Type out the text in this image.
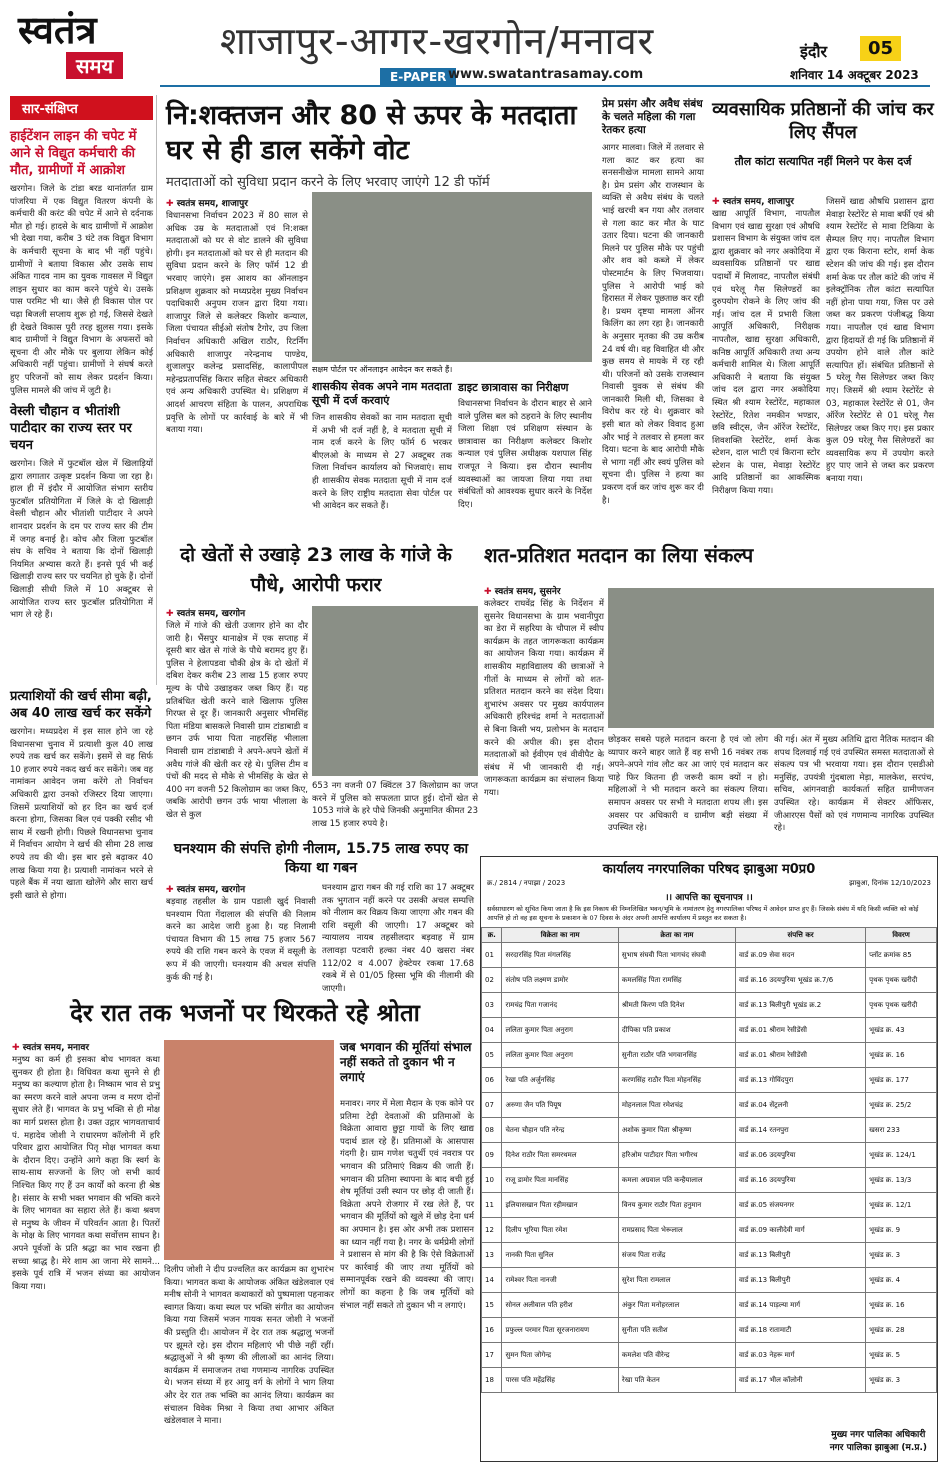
स्वतंत्र
समय
शाजापुर-आगर-खरगोन/मनावर
E-PAPER www.swatantrasamay.com
इंदौर	05
शनिवार 14 अक्टूबर 2023
सार-संक्षिप्त
हाईटेंशन लाइन की चपेट में आने से विद्युत कर्मचारी की मौत, ग्रामीणों में आक्रोश
खरगोन। जिले के टांडा बरड थानांतर्गत ग्राम पांजरिया में एक विद्युत वितरण कंपनी के कर्मचारी की करंट की चपेट में आने से दर्दनाक मौत हो गई। हादसे के बाद ग्रामीणों में आक्रोश भी देखा गया, करीब 3 घंटे तक विद्युत विभाग के कर्मचारी सूचना के बाद भी नहीं पहुंचे। ग्रामीणों ने बताया विकास और उसके साथ अंकित गादव नाम का युवक गावसल में विद्युत लाइन सुधार का काम करने पहुंचे थे। उसके पास परमिट भी था। जैसे ही विकास पोल पर चढ़ा बिजली सप्लाय शुरू हो गई, जिससे देखते ही देखते विकास पूरी तरह झुलस गया। इसके बाद ग्रामीणों ने विद्युत विभाग के अफसरों को सूचना दी और मौके पर बुलाया लेकिन कोई अधिकारी नहीं पहुंचा। ग्रामीणों ने संघर्ष करते हुए परिजनों को साथ लेकर प्रदर्शन किया। पुलिस मामले की जांच में जुटी है।
वेस्ली चौहान व भीतांशी पाटीदार का राज्य स्तर पर चयन
खरगोन। जिले में फुटबॉल खेल में खिलाड़ियों द्वारा लगातार उत्कृष्ट प्रदर्शन किया जा रहा है। हाल ही में इंदौर में आयोजित संभाग स्तरीय फुटबॉल प्रतियोगिता में जिले के दो खिलाड़ी वेस्ली चौहान और भीतांशी पाटीदार ने अपने शानदार प्रदर्शन के दम पर राज्य स्तर की टीम में जगह बनाई है। कोच और जिला फुटबॉल संघ के सचिव ने बताया कि दोनों खिलाड़ी नियमित अभ्यास करते हैं। इनसे पूर्व भी कई खिलाड़ी राज्य स्तर पर चयनित हो चुके हैं। दोनों खिलाड़ी सीधी जिले में 10 अक्टूबर से आयोजित राज्य स्तर फुटबॉल प्रतियोगिता में भाग ले रहे हैं।
प्रत्याशियों की खर्च सीमा बढ़ी, अब 40 लाख खर्च कर सकेंगे
खरगोन। मध्यप्रदेश में इस साल होने जा रहे विधानसभा चुनाव में प्रत्याशी कुल 40 लाख रुपये तक खर्च कर सकेंगे। इसमें से वह सिर्फ 10 हजार रुपये नकद खर्च कर सकेंगे। जब वह नामांकन आवेदन जमा करेंगे तो निर्वाचन अधिकारी द्वारा उनको रजिस्टर दिया जाएगा। जिसमें प्रत्याशियों को हर दिन का खर्च दर्ज करना होगा, जिसका बिल एवं पक्की रसीद भी साथ में रखनी होगी। पिछले विधानसभा चुनाव में निर्वाचन आयोग ने खर्च की सीमा 28 लाख रुपये तय की थी। इस बार इसे बढ़ाकर 40 लाख किया गया है। प्रत्याशी नामांकन भरने से पहले बैंक में नया खाता खोलेंगे और सारा खर्च इसी खाते से होगा।
नि:शक्तजन और 80 से ऊपर के मतदाता घर से ही डाल सकेंगे वोट
मतदाताओं को सुविधा प्रदान करने के लिए भरवाए जाएंगे 12 डी फॉर्म
✚ स्वतंत्र समय, शाजापुर
सक्षम पोर्टल पर ऑनलाइन आवेदन कर सकते हैं।
विधानसभा निर्वाचन 2023 में 80 साल से अधिक उम्र के मतदाताओं एवं नि:शक्त मतदाताओं को घर से वोट डालने की सुविधा होगी। इन मतदाताओं को घर से ही मतदान की सुविधा प्रदान करने के लिए फॉर्म 12 डी भरवाए जाएंगे। इस आशय का ऑनलाइन प्रशिक्षण शुक्रवार को मध्यप्रदेश मुख्य निर्वाचन पदाधिकारी अनुपम राजन द्वारा दिया गया। शाजापुर जिले से कलेक्टर किशोर कन्याल, जिला पंचायत सीईओ संतोष टैगोर, उप जिला निर्वाचन अधिकारी अखिल राठौर, रिटर्निंग अधिकारी शाजापुर नरेन्द्रनाथ पाण्डेय, शुजालपुर कलेन्द्र प्रसादसिंह, कालापीपल महेन्द्रप्रतापसिंह किरार सहित सेक्टर अधिकारी एवं अन्य अधिकारी उपस्थित थे। प्रशिक्षण में आदर्श आचरण संहिता के पालन, अपराधिक प्रवृत्ति के लोगों पर कार्रवाई के बारे में भी बताया गया।
शासकीय सेवक अपने नाम मतदाता सूची में दर्ज करवाएं
जिन शासकीय सेवकों का नाम मतदाता सूची में अभी भी दर्ज नहीं है, वे मतदाता सूची में नाम दर्ज करने के लिए फॉर्म 6 भरकर बीएलओ के माध्यम से 27 अक्टूबर तक जिला निर्वाचन कार्यालय को भिजवाएं। साथ ही शासकीय सेवक मतदाता सूची में नाम दर्ज करने के लिए राष्ट्रीय मतदाता सेवा पोर्टल पर भी आवेदन कर सकते हैं।
डाइट छात्रावास का निरीक्षण
विधानसभा निर्वाचन के दौरान बाहर से आने वाले पुलिस बल को ठहराने के लिए स्थानीय जिला शिक्षा एवं प्रशिक्षण संस्थान के छात्रावास का निरीक्षण कलेक्टर किशोर कन्याल एवं पुलिस अधीक्षक यशपाल सिंह राजपूत ने किया। इस दौरान स्थानीय व्यवस्थाओं का जायजा लिया गया तथा संबंधितों को आवश्यक सुधार करने के निर्देश दिए।
प्रेम प्रसंग और अवैध संबंध के चलते महिला की गला रेतकर हत्या
आगर मालवा। जिले में तलवार से गला काट कर हत्या का सनसनीखेज मामला सामने आया है। प्रेम प्रसंग और राजस्थान के व्यक्ति से अवैध संबंध के चलते भाई खरची बन गया और तलवार से गला काट कर मौत के घाट उतार दिया। घटना की जानकारी मिलने पर पुलिस मौके पर पहुंची और शव को कब्जे में लेकर पोस्टमार्टम के लिए भिजवाया। पुलिस ने आरोपी भाई को हिरासत में लेकर पूछताछ कर रही है। प्रथम दृष्टया मामला ऑनर किलिंग का लग रहा है। जानकारी के अनुसार मृतका की उम्र करीब 24 वर्ष थी। वह विवाहित थी और कुछ समय से मायके में रह रही थी। परिजनों को उसके राजस्थान निवासी युवक से संबंध की जानकारी मिली थी, जिसका वे विरोध कर रहे थे। शुक्रवार को इसी बात को लेकर विवाद हुआ और भाई ने तलवार से हमला कर दिया। घटना के बाद आरोपी मौके से भागा नहीं और स्वयं पुलिस को सूचना दी। पुलिस ने हत्या का प्रकरण दर्ज कर जांच शुरू कर दी है।
व्यवसायिक प्रतिष्ठानों की जांच कर लिए सैंपल
तौल कांटा सत्यापित नहीं मिलने पर केस दर्ज
✚ स्वतंत्र समय, शाजापुर
खाद्य आपूर्ति विभाग, नापतौल विभाग एवं खाद्य सुरक्षा एवं औषधि प्रशासन विभाग के संयुक्त जांच दल द्वारा शुक्रवार को नगर अकोदिया में व्यवसायिक प्रतिष्ठानों पर खाद्य पदार्थों में मिलावट, नापतौल संबंधी एवं घरेलू गैस सिलेण्डरों का दुरुपयोग रोकने के लिए जांच की गई। जांच दल में प्रभारी जिला आपूर्ति अधिकारी, निरीक्षक नापतौल, खाद्य सुरक्षा अधिकारी, कनिष्ठ आपूर्ति अधिकारी तथा अन्य कर्मचारी शामिल थे। जिला आपूर्ति अधिकारी ने बताया कि संयुक्त जांच दल द्वारा नगर अकोदिया स्थित श्री श्याम रेस्टोरेंट, महाकाल रेस्टोरेंट, रितेश नमकीन भण्डार, छवि स्वीट्स, जैन ऑरेंज रेस्टोरेंट, शिवशक्ति रेस्टोरेंट, शर्मा केक स्टेशन, दाल भाटी एवं किराना स्टोर स्टेशन के पास, मेवाड़ा रेस्टोरेंट आदि प्रतिष्ठानों का आकस्मिक निरीक्षण किया गया।
जिसमें खाद्य औषधि प्रशासन द्वारा मेवाड़ा रेस्टोरेंट से मावा बर्फी एवं श्री श्याम रेस्टोरेंट से मावा टिकिया के सैम्पल लिए गए। नापतौल विभाग द्वारा एक किराना स्टोर, शर्मा केक स्टेशन की जांच की गई। इस दौरान शर्मा केक पर तौल कांटे की जांच में इलेक्ट्रॉनिक तौल कांटा सत्यापित नहीं होना पाया गया, जिस पर उसे जब्त कर प्रकरण पंजीबद्ध किया गया। नापतौल एवं खाद्य विभाग द्वारा हिदायतें दी गई कि प्रतिष्ठानों में उपयोग होने वाले तौल कांटे सत्यापित हों। संबंधित प्रतिष्ठानों से 5 घरेलू गैस सिलेण्डर जब्त किए गए। जिसमें श्री श्याम रेस्टोरेंट से 03, महाकाल रेस्टोरेंट से 01, जैन ऑरेंज रेस्टोरेंट से 01 घरेलू गैस सिलेण्डर जब्त किए गए। इस प्रकार कुल 09 घरेलू गैस सिलेण्डरों का व्यवसायिक रूप में उपयोग करते हुए पाए जाने से जब्त कर प्रकरण बनाया गया।
दो खेतों से उखाड़े 23 लाख के गांजे के पौधे, आरोपी फरार
✚ स्वतंत्र समय, खरगोन
जिले में गांजे की खेती उजागर होने का दौर जारी है। भैंसपुर थानाक्षेत्र में एक सप्ताह में दूसरी बार खेत से गांजे के पौधे बरामद हुए हैं। पुलिस ने हेलापडवा चौकी क्षेत्र के दो खेतों में दबिश देकर करीब 23 लाख 15 हजार रुपए मूल्य के पौधे उखाड़कर जब्त किए हैं। यह प्रतिबंधित खेती करने वाले खिलाफ पुलिस गिरफ्त से दूर हैं। जानकारी अनुसार भीमसिंह पिता मंडिया बासकले निवासी ग्राम टांडाबाडी व छगन उर्फ भाया पिता नाहरसिंह भीलाला निवासी ग्राम टांडाबाडी ने अपने-अपने खेतों में अवैध गांजे की खेती कर रहे थे। पुलिस टीम व पंचों की मदद से मौके से भीमसिंह के खेत से 400 नग वजनी 52 किलोग्राम का जब्त किए, जबकि आरोपी छगन उर्फ भाया भीलाला के खेत से कुल
653 नग वजनी 07 क्विंटल 37 किलोग्राम का जप्त करने में पुलिस को सफलता प्राप्त हुई। दोनों खेत से 1053 गांजे के हरे पौधे जिनकी अनुमानित कीमत 23 लाख 15 हजार रुपये है।
घनश्याम की संपत्ति होगी नीलाम, 15.75 लाख रुपए का किया था गबन
✚ स्वतंत्र समय, खरगोन
बड़वाह तहसील के ग्राम पडाली खुर्द निवासी घनश्याम पिता गेंदालाल की संपत्ति की निलाम करने का आदेश जारी हुआ है। यह निलामी पंचायत विभाग की 15 लाख 75 हजार 567 रुपये की राशि गबन करने के एवज में वसूली के रूप में की जाएगी। घनश्याम की अचल संपत्ति कुर्क की गई है।
घनश्याम द्वारा गबन की गई राशि का 17 अक्टूबर तक भुगतान नहीं करने पर उसकी अचल सम्पत्ति को नीलाम कर विक्रय किया जाएगा और गबन की राशि वसूली की जाएगी। 17 अक्टूबर को न्यायालय नायब तहसीलदार बड़वाह में ग्राम तलावड़ा पटवारी हल्का नंबर 40 खसरा नंबर 112/02 व 4.007 हेक्टेयर रकबा 17.68 रकबे में से 01/05 हिस्सा भूमि की नीलामी की जाएगी।
शत-प्रतिशत मतदान का लिया संकल्प
✚ स्वतंत्र समय, सुसनेर
कलेक्टर राघवेंद्र सिंह के निर्देशन में सुसनेर विधानसभा के ग्राम भवानीपुरा का डेरा में सहरिया के चौपाल में स्वीप कार्यक्रम के तहत जागरूकता कार्यक्रम का आयोजन किया गया। कार्यक्रम में शासकीय महाविद्यालय की छात्राओं ने गीतों के माध्यम से लोगों को शत-प्रतिशत मतदान करने का संदेश दिया। शुभारंभ अवसर पर मुख्य कार्यपालन अधिकारी हरिश्चंद्र शर्मा ने मतदाताओं से बिना किसी भय, प्रलोभन के मतदान करने की अपील की। इस दौरान मतदाताओं को ईवीएम एवं वीवीपैट के संबंध में भी जानकारी दी गई। जागरूकता कार्यक्रम का संचालन किया गया।
छोड़कर सबसे पहले मतदान करना है एवं जो लोग व्यापार करने बाहर जाते हैं वह सभी 16 नवंबर तक अपने-अपने गांव लौट कर आ जाएं एवं मतदान कर चाहे फिर कितना ही जरूरी काम क्यों न हो। महिलाओं ने भी मतदान करने का संकल्प लिया। समापन अवसर पर सभी ने मतदाता शपथ ली। इस अवसर पर अधिकारी व ग्रामीण बड़ी संख्या में उपस्थित रहे।
की गई। अंत में मुख्य अतिथि द्वारा नैतिक मतदान की शपथ दिलवाई गई एवं उपस्थित समस्त मतदाताओं से संकल्प पत्र भी भरवाया गया। इस दौरान एसडीओ मनुसिंह, उपयंत्री गुंदबाला मेड़ा, मालकेश, सरपंच, सचिव, आंगनवाड़ी कार्यकर्ता सहित ग्रामीणजन उपस्थित रहे। कार्यक्रम में सेक्टर ऑफिसर, जीआरएस पैसों को एवं गणमान्य नागरिक उपस्थित रहे।
कार्यालय नगरपालिका परिषद झाबुआ म0प्र0
क्र./ 2814 / नपाझा / 2023	झाबुआ, दिनांक 12/10/2023
।। आपत्ति का सूचनापत्र ।।
सर्वसाधारण को सूचित किया जाता है कि इस निकाय की निम्नलिखित भवन/भूमि के नामांतरण हेतु नगरपालिका परिषद में आवेदन प्राप्त हुए हैं। जिसके संबंध में यदि किसी व्यक्ति को कोई आपत्ति हो तो वह इस सूचना के प्रकाशन के 07 दिवस के अंदर अपनी आपत्ति कार्यालय में प्रस्तुत कर सकता है।
क्र.	विक्रेता का नाम	क्रेता का नाम	संपत्ति कर	विवरण
01	सरदारसिंह पिता मंगलसिंह	सुभाष संघवी पिता भागचंद संघवी	वार्ड क्र.09 सेवा सदन	प्लॉट क्रमांक 85
02	संतोष पति लक्ष्मण डामोर	कमलसिंह पिता रामसिंह	वार्ड क्र.16 उदयपुरिया भूखंड क्र.7/6	पृथक पृथक खरीदी
03	रामचंद्र पिता गजानंद	श्रीमती किरण पति दिनेश	वार्ड क्र.13 बिलीपुरी भूखंड क्र.2	पृथक पृथक खरीदी
04	ललिता कुमार पिता अनुराग	दीपिका पति प्रकाश	वार्ड क्र.01 श्रीराम रेसीडेंसी	भूखंड क्र. 43
05	ललिता कुमार पिता अनुराग	सुनीता राठौर पति भगवानसिंह	वार्ड क्र.01 श्रीराम रेसीडेंसी	भूखंड क्र. 16
06	रेखा पति अर्जुनसिंह	करणसिंह राठौर पिता मोहनसिंह	वार्ड क्र.13 गोविंदपुरा	भूखंड क्र. 177
07	अरुणा जैन पति पियूष	मोहनलाल पिता रमेशचंद्र	वार्ड क्र.04 सेंट्रलनी	भूखंड क्र. 25/2
08	चेतना चौहान पति नरेन्द्र	अशोक कुमार पिता श्रीकृष्ण	वार्ड क्र.14 रतनपुरा	खसरा 233
09	दिनेश राठौर पिता समरथमल	हरिओम पाटीदार पिता भगीरथ	वार्ड क्र.06 उदयपुरिया	भूखंड क्र. 124/1
10	राजू डामोर पिता मानसिंह	कमला अग्रवाल पति कन्हैयालाल	वार्ड क्र.16 उदयपुरिया	भूखंड क्र. 13/3
11	इलियासखान पिता रहीमखान	विनय कुमार राठौर पिता हनुमान	वार्ड क्र.05 संजयनगर	भूखंड क्र. 12/1
12	दिलीप भूरिया पिता रमेश	रामप्रसाद पिता भेरूलाल	वार्ड क्र.09 कालीदेवी मार्ग	भूखंड क्र. 9
13	नानकी पिता सुनिल	संजय पिता राजेंद्र	वार्ड क्र.13 बिलीपुरी	भूखंड क्र. 3
14	रामेश्वर पिता नानजी	सुरेश पिता रामलाल	वार्ड क्र.13 बिलीपुरी	भूखंड क्र. 4
15	सोनल अलीवाल पति हरीश	अंकुर पिता मनोहरलाल	वार्ड क्र.14 पाड़ल्या मार्ग	भूखंड क्र. 16
16	प्रफुल्ल परमार पिता सूरजनारायण	सुनीता पति सतीश	वार्ड क्र.18 रातामाटी	भूखंड क्र. 28
17	सुमन पिता जोगेन्द्र	कमलेश पति वीरेन्द्र	वार्ड क्र.03 नेहरू मार्ग	भूखंड क्र. 5
18	पारस पति महेंद्रसिंह	रेखा पति केतन	वार्ड क्र.17 भील कॉलोनी	भूखंड क्र. 3
मुख्य नगर पालिका अधिकारी
नगर पालिका झाबुआ (म.प्र.)
देर रात तक भजनों पर थिरकते रहे श्रोता
✚ स्वतंत्र समय, मनावर
मनुष्य का कर्म ही इसका बोध भागवत कथा सुनकर ही होता है। विधिवत कथा सुनने से ही मनुष्य का कल्याण होता है। निष्काम भाव से प्रभु का स्मरण करने वाले अपना जन्म व मरण दोनों सुधार लेते हैं। भागवत के प्रभु भक्ति से ही मोक्ष का मार्ग प्रशस्त होता है। उक्त उद्गार भागवताचार्य पं. महादेव जोशी ने राधारमण कॉलोनी में हरि परिवार द्वारा आयोजित पितृ मोक्ष भागवत कथा के दौरान दिए। उन्होंने आगे कहा कि स्वर्ग के साथ-साथ सज्जनों के लिए जो सभी कार्य निश्चित किए गए हैं उन कार्यों को करना ही श्रेष्ठ है। संसार के सभी भक्त भगवान की भक्ति करने के लिए भागवत का सहारा लेते हैं। कथा श्रवण से मनुष्य के जीवन में परिवर्तन आता है। पितरों के मोक्ष के लिए भागवत कथा सर्वोत्तम साधन है। अपने पूर्वजों के प्रति श्रद्धा का भाव रखना ही सच्चा श्राद्ध है। मेरे शाम आ जाना मेरे सामने... इसके पूर्व रात्रि में भजन संध्या का आयोजन किया गया।
दिलीप जोशी ने दीप प्रज्वलित कर कार्यक्रम का शुभारंभ किया। भागवत कथा के आयोजक अंकित खंडेलवाल एवं मनीष सोनी ने भागवत कथाकारों को पुष्पमाला पहनाकर स्वागत किया। कथा स्थल पर भक्ति संगीत का आयोजन किया गया जिसमें भजन गायक सनत जोशी ने भजनों की प्रस्तुति दी। आयोजन में देर रात तक श्रद्धालु भजनों पर झूमते रहे। इस दौरान महिलाएं भी पीछे नहीं रहीं। श्रद्धालुओं ने श्री कृष्ण की लीलाओं का आनंद लिया। कार्यक्रम में समाजजन तथा गणमान्य नागरिक उपस्थित थे। भजन संध्या में हर आयु वर्ग के लोगों ने भाग लिया और देर रात तक भक्ति का आनंद लिया। कार्यक्रम का संचालन विवेक मिश्रा ने किया तथा आभार अंकित खंडेलवाल ने माना।
जब भगवान की मूर्तियां संभाल नहीं सकते तो दुकान भी न लगाएं
मनावर। नगर में मेला मैदान के एक कोने पर प्रतिमा टेढ़ी देवताओं की प्रतिमाओं के विक्रेता आवारा छुट्टा गायों के लिए खाद्य पदार्थ डाल रहे हैं। प्रतिमाओं के आसपास गंदगी है। ग्राम गणेश चतुर्थी एवं नवरात्र पर भगवान की प्रतिमाएं विक्रय की जाती हैं। भगवान की प्रतिमा स्थापना के बाद बची हुई शेष मूर्तियां उसी स्थान पर छोड़ दी जाती हैं। विक्रेता अपने रोजगार में रख लेते हैं, पर भगवान की मूर्तियों को खुले में छोड़ देना धर्म का अपमान है। इस ओर अभी तक प्रशासन का ध्यान नहीं गया है। नगर के धर्मप्रेमी लोगों ने प्रशासन से मांग की है कि ऐसे विक्रेताओं पर कार्रवाई की जाए तथा मूर्तियों को सम्मानपूर्वक रखने की व्यवस्था की जाए। लोगों का कहना है कि जब मूर्तियों को संभाल नहीं सकते तो दुकान भी न लगाएं।
